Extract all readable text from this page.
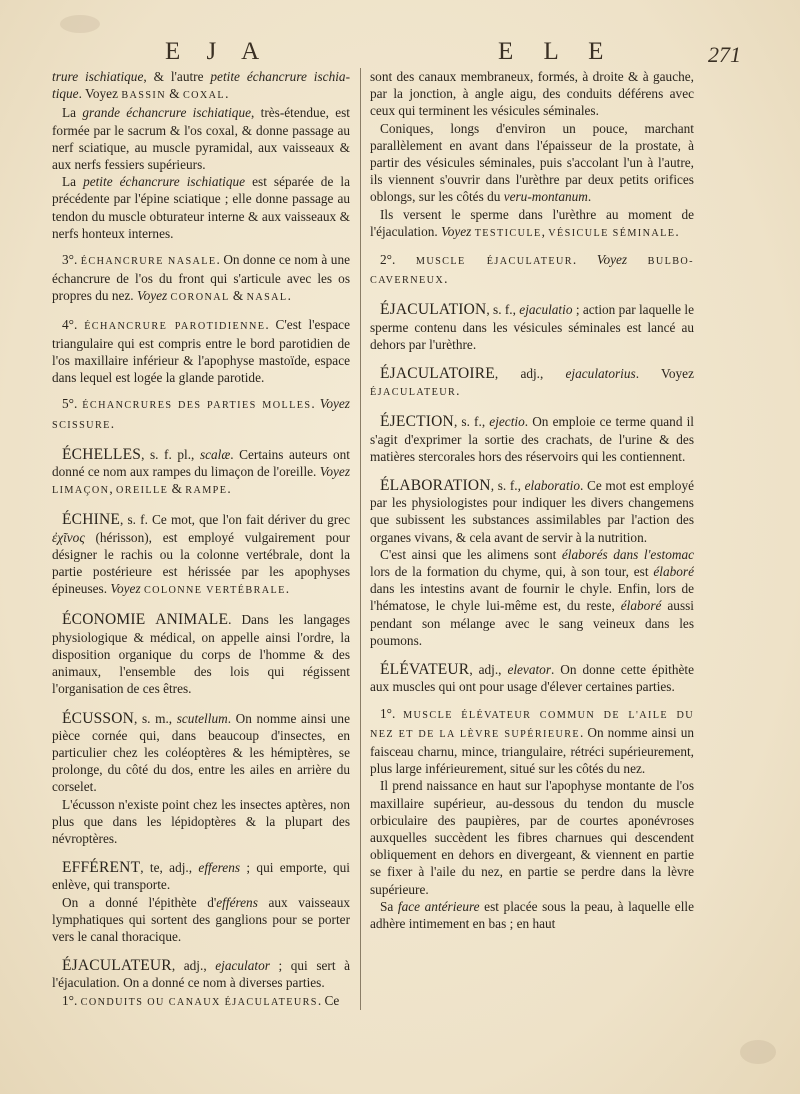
E J A	E L E	271

trure ischiatique, & l'autre petite échancrure ischia-tique. Voyez BASSIN & COXAL.

La grande échancrure ischiatique, très-étendue, est formée par le sacrum & l'os coxal, & donne passage au nerf sciatique, au muscle pyramidal, aux vaisseaux & aux nerfs fessiers supérieurs.

La petite échancrure ischiatique est séparée de la précédente par l'épine sciatique ; elle donne passage au tendon du muscle obturateur interne & aux vaisseaux & nerfs honteux internes.

3°. ÉCHANCRURE NASALE. On donne ce nom à une échancrure de l'os du front qui s'articule avec les os propres du nez. Voyez CORONAL & NASAL.

4°. ÉCHANCRURE PAROTIDIENNE. C'est l'espace triangulaire qui est compris entre le bord parotidien de l'os maxillaire inférieur & l'apophyse mastoïde, espace dans lequel est logée la glande parotide.

5°. ÉCHANCRURES DES PARTIES MOLLES. Voyez SCISSURE.

ÉCHELLES, s. f. pl., scalæ. Certains auteurs ont donné ce nom aux rampes du limaçon de l'oreille. Voyez LIMAÇON, OREILLE & RAMPE.

ÉCHINE, s. f. Ce mot, que l'on fait dériver du grec ἐχῖνος (hérisson), est employé vulgairement pour désigner le rachis ou la colonne vertébrale, dont la partie postérieure est hérissée par les apophyses épineuses. Voyez COLONNE VERTÉBRALE.

ÉCONOMIE ANIMALE. Dans les langages physiologique & médical, on appelle ainsi l'ordre, la disposition organique du corps de l'homme & des animaux, l'ensemble des lois qui régissent l'organisation de ces êtres.

ÉCUSSON, s. m., scutellum. On nomme ainsi une pièce cornée qui, dans beaucoup d'insectes, en particulier chez les coléoptères & les hémiptères, se prolonge, du côté du dos, entre les ailes en arrière du corselet.

L'écusson n'existe point chez les insectes aptères, non plus que dans les lépidoptères & la plupart des névroptères.

EFFÉRENT, te, adj., efferens ; qui emporte, qui enlève, qui transporte.

On a donné l'épithète d'efférens aux vaisseaux lymphatiques qui sortent des ganglions pour se porter vers le canal thoracique.

ÉJACULATEUR, adj., ejaculator ; qui sert à l'éjaculation. On a donné ce nom à diverses parties.

1°. CONDUITS OU CANAUX ÉJACULATEURS. Ce

sont des canaux membraneux, formés, à droite & à gauche, par la jonction, à angle aigu, des conduits déférens avec ceux qui terminent les vésicules séminales.

Coniques, longs d'environ un pouce, marchant parallèlement en avant dans l'épaisseur de la prostate, à partir des vésicules séminales, puis s'accolant l'un à l'autre, ils viennent s'ouvrir dans l'urèthre par deux petits orifices oblongs, sur les côtés du veru-montanum.

Ils versent le sperme dans l'urèthre au moment de l'éjaculation. Voyez TESTICULE, VÉSICULE SÉMINALE.

2°. MUSCLE ÉJACULATEUR. Voyez BULBO-CAVERNEUX.

ÉJACULATION, s. f., ejaculatio ; action par laquelle le sperme contenu dans les vésicules séminales est lancé au dehors par l'urèthre.

ÉJACULATOIRE, adj., ejaculatorius. Voyez ÉJACULATEUR.

ÉJECTION, s. f., ejectio. On emploie ce terme quand il s'agit d'exprimer la sortie des crachats, de l'urine & des matières stercorales hors des réservoirs qui les contiennent.

ÉLABORATION, s. f., elaboratio. Ce mot est employé par les physiologistes pour indiquer les divers changemens que subissent les substances assimilables par l'action des organes vivans, & cela avant de servir à la nutrition.

C'est ainsi que les alimens sont élaborés dans l'estomac lors de la formation du chyme, qui, à son tour, est élaboré dans les intestins avant de fournir le chyle. Enfin, lors de l'hématose, le chyle lui-même est, du reste, élaboré aussi pendant son mélange avec le sang veineux dans les poumons.

ÉLÉVATEUR, adj., elevator. On donne cette épithète aux muscles qui ont pour usage d'élever certaines parties.

1°. MUSCLE ÉLÉVATEUR COMMUN DE L'AILE DU NEZ ET DE LA LÈVRE SUPÉRIEURE. On nomme ainsi un faisceau charnu, mince, triangulaire, rétréci supérieurement, plus large inférieurement, situé sur les côtés du nez.

Il prend naissance en haut sur l'apophyse montante de l'os maxillaire supérieur, au-dessous du tendon du muscle orbiculaire des paupières, par de courtes aponévroses auxquelles succèdent les fibres charnues qui descendent obliquement en dehors en divergeant, & viennent en partie se fixer à l'aile du nez, en partie se perdre dans la lèvre supérieure.

Sa face antérieure est placée sous la peau, à laquelle elle adhère intimement en bas ; en haut
